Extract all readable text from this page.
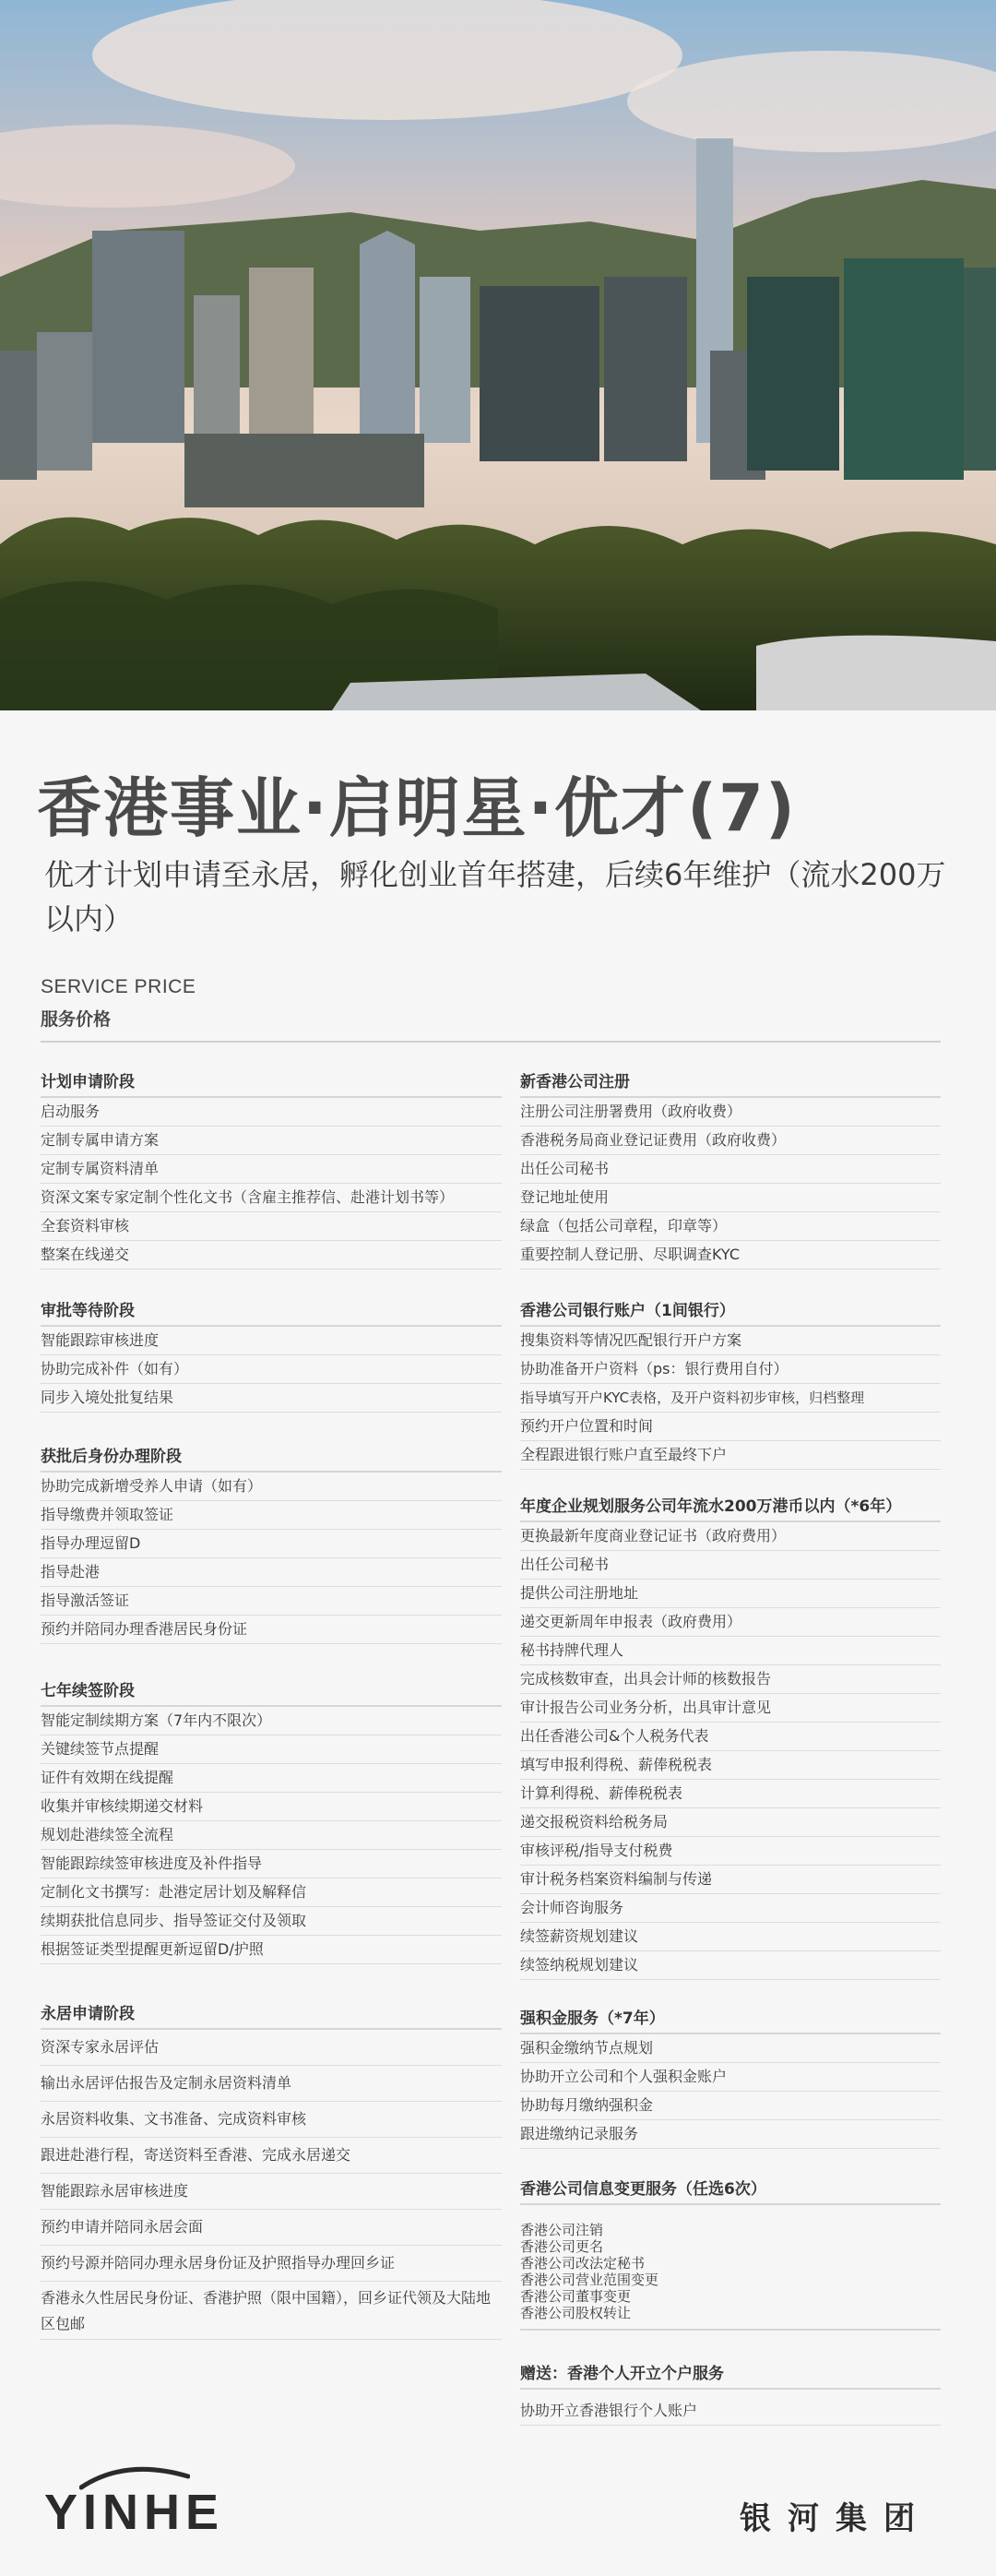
香港事业·启明星·优才(7)
优才计划申请至永居，孵化创业首年搭建，后续6年维护（流水200万以内）
SERVICE PRICE
服务价格
计划申请阶段
启动服务
定制专属申请方案
定制专属资料清单
资深文案专家定制个性化文书（含雇主推荐信、赴港计划书等）
全套资料审核
整案在线递交
审批等待阶段
智能跟踪审核进度
协助完成补件（如有）
同步入境处批复结果
获批后身份办理阶段
协助完成新增受养人申请（如有）
指导缴费并领取签证
指导办理逗留D
指导赴港
指导激活签证
预约并陪同办理香港居民身份证
七年续签阶段
智能定制续期方案（7年内不限次）
关键续签节点提醒
证件有效期在线提醒
收集并审核续期递交材料
规划赴港续签全流程
智能跟踪续签审核进度及补件指导
定制化文书撰写：赴港定居计划及解释信
续期获批信息同步、指导签证交付及领取
根据签证类型提醒更新逗留D/护照
永居申请阶段
资深专家永居评估
输出永居评估报告及定制永居资料清单
永居资料收集、文书准备、完成资料审核
跟进赴港行程，寄送资料至香港、完成永居递交
智能跟踪永居审核进度
预约申请并陪同永居会面
预约号源并陪同办理永居身份证及护照指导办理回乡证
香港永久性居民身份证、香港护照（限中国籍），回乡证代领及大陆地区包邮
新香港公司注册
注册公司注册署费用（政府收费）
香港税务局商业登记证费用（政府收费）
出任公司秘书
登记地址使用
绿盒（包括公司章程，印章等）
重要控制人登记册、尽职调查KYC
香港公司银行账户（1间银行）
搜集资料等情况匹配银行开户方案
协助准备开户资料（ps：银行费用自付）
指导填写开户KYC表格，及开户资料初步审核，归档整理
预约开户位置和时间
全程跟进银行账户直至最终下户
年度企业规划服务公司年流水200万港币以内（*6年）
更换最新年度商业登记证书（政府费用）
出任公司秘书
提供公司注册地址
递交更新周年申报表（政府费用）
秘书持牌代理人
完成核数审查，出具会计师的核数报告
审计报告公司业务分析，出具审计意见
出任香港公司&个人税务代表
填写申报利得税、薪俸税税表
计算利得税、薪俸税税表
递交报税资料给税务局
审核评税/指导支付税费
审计税务档案资料编制与传递
会计师咨询服务
续签薪资规划建议
续签纳税规划建议
强积金服务（*7年）
强积金缴纳节点规划
协助开立公司和个人强积金账户
协助每月缴纳强积金
跟进缴纳记录服务
香港公司信息变更服务（任选6次）
香港公司注销
香港公司更名
香港公司改法定秘书
香港公司营业范围变更
香港公司董事变更
香港公司股权转让
赠送：香港个人开立个户服务
协助开立香港银行个人账户
YINHE	银河集团
